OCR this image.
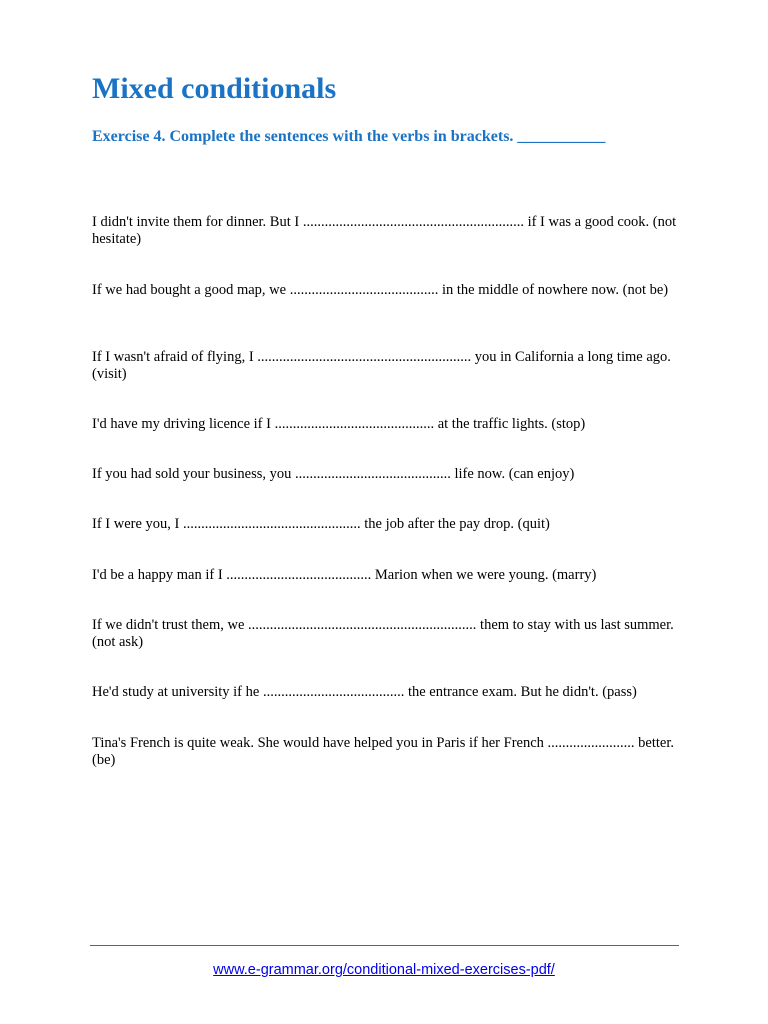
Mixed conditionals

Exercise 4. Complete the sentences with the verbs in brackets. ___________

I didn't invite them for dinner. But I ............................................................. if I was a good cook. (not hesitate)
If we had bought a good map, we ......................................... in the middle of nowhere now. (not be)
If I wasn't afraid of flying, I ........................................................... you in California a long time ago. (visit)
I'd have my driving licence if I ............................................ at the traffic lights. (stop)
If you had sold your business, you ........................................... life now. (can enjoy)
If I were you, I ................................................. the job after the pay drop. (quit)
I'd be a happy man if I ........................................ Marion when we were young. (marry)
If we didn't trust them, we ............................................................... them to stay with us last summer. (not ask)
He'd study at university if he ....................................... the entrance exam. But he didn't. (pass)
Tina's French is quite weak. She would have helped you in Paris if her French ........................ better. (be)
www.e-grammar.org/conditional-mixed-exercises-pdf/
